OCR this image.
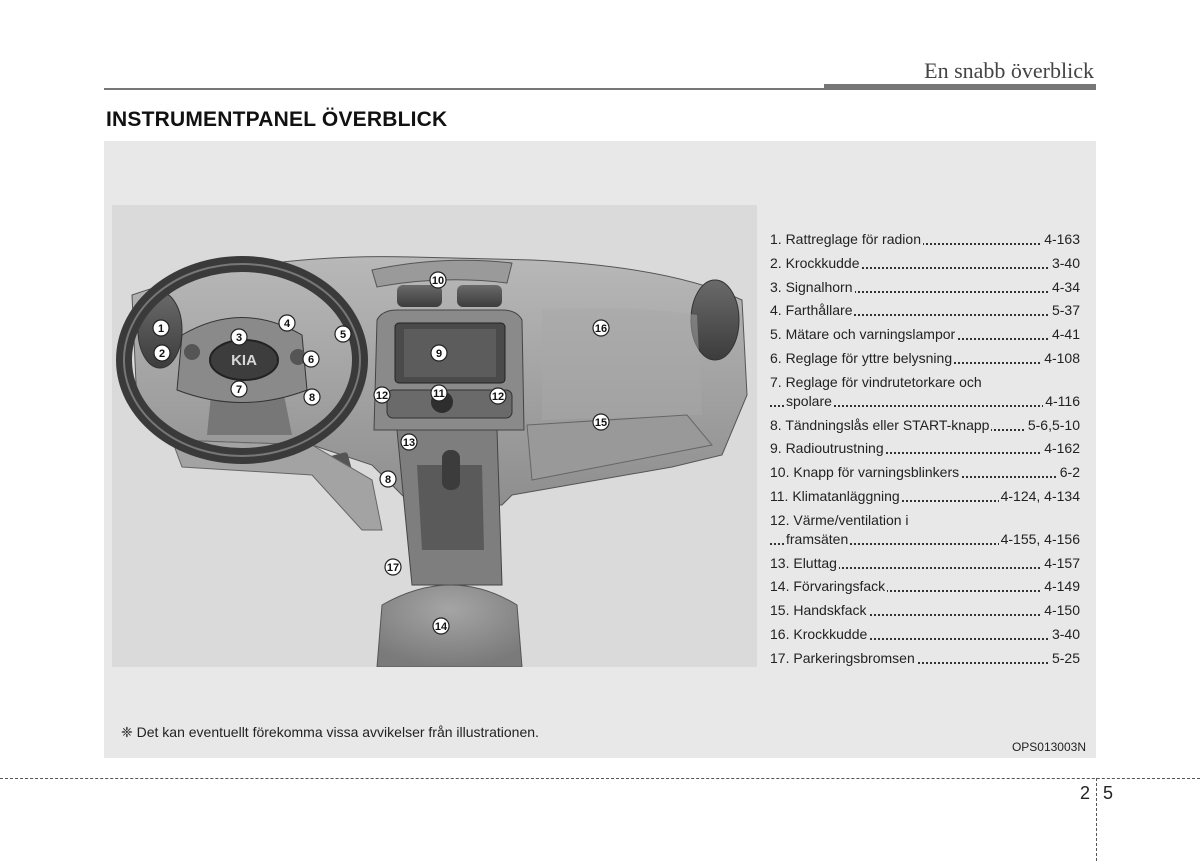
En snabb överblick
INSTRUMENTPANEL ÖVERBLICK
KIA
1
2
3
4
5
6
7
8
8
9
10
11
12	12
13
14
15
16
17
1. Rattreglage för radion	4-163
2. Krockkudde	3-40
3. Signalhorn	4-34
4. Farthållare	5-37
5. Mätare och varningslampor	4-41
6. Reglage för yttre belysning	4-108
7. Reglage för vindrutetorkare och
spolare	4-116
8. Tändningslås eller START-knapp	5-6,5-10
9. Radioutrustning	4-162
10. Knapp för varningsblinkers	6-2
11. Klimatanläggning	4-124, 4-134
12. Värme/ventilation i
framsäten	4-155, 4-156
13. Eluttag	4-157
14. Förvaringsfack	4-149
15. Handskfack	4-150
16. Krockkudde	3-40
17. Parkeringsbromsen	5-25
❈ Det kan eventuellt förekomma vissa avvikelser från illustrationen.
OPS013003N
2 5
